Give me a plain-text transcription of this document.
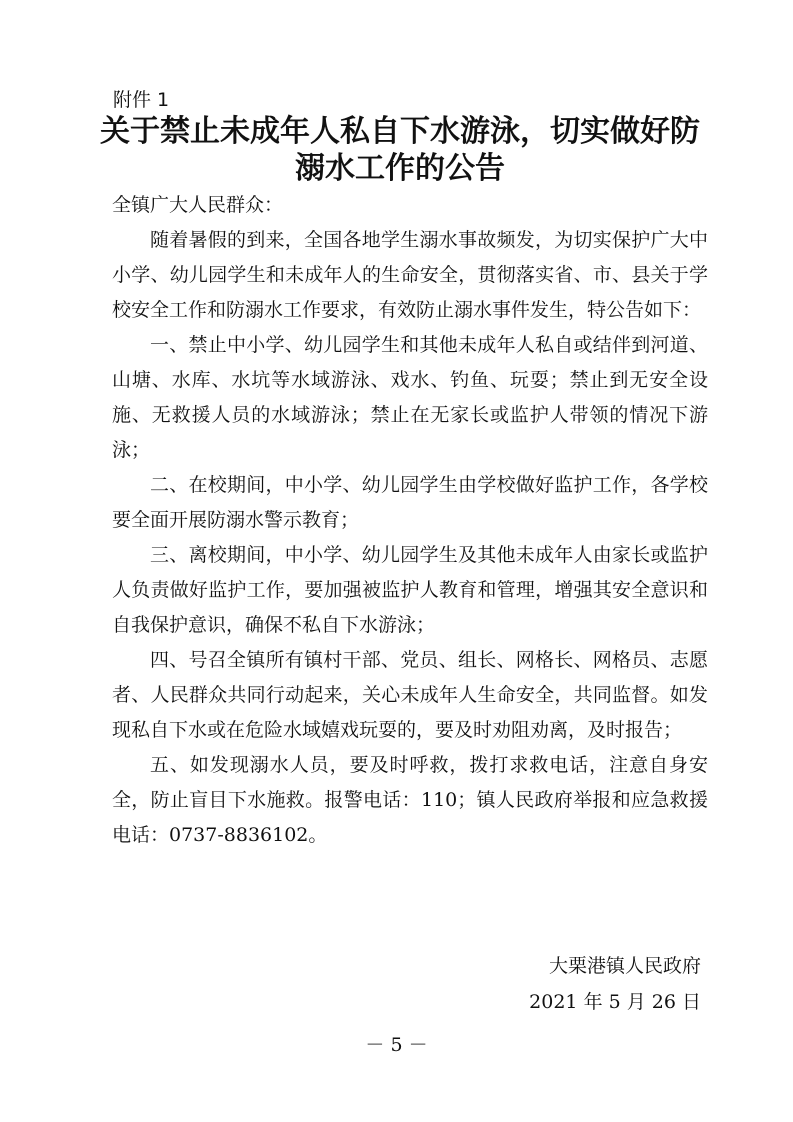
附件 1

关于禁止未成年人私自下水游泳，切实做好防
溺水工作的公告

全镇广大人民群众：

随着暑假的到来，全国各地学生溺水事故频发，为切实保护广大中小学、幼儿园学生和未成年人的生命安全，贯彻落实省、市、县关于学校安全工作和防溺水工作要求，有效防止溺水事件发生，特公告如下：

一、禁止中小学、幼儿园学生和其他未成年人私自或结伴到河道、山塘、水库、水坑等水域游泳、戏水、钓鱼、玩耍；禁止到无安全设施、无救援人员的水域游泳；禁止在无家长或监护人带领的情况下游泳；

二、在校期间，中小学、幼儿园学生由学校做好监护工作，各学校要全面开展防溺水警示教育；

三、离校期间，中小学、幼儿园学生及其他未成年人由家长或监护人负责做好监护工作，要加强被监护人教育和管理，增强其安全意识和自我保护意识，确保不私自下水游泳；

四、号召全镇所有镇村干部、党员、组长、网格长、网格员、志愿者、人民群众共同行动起来，关心未成年人生命安全，共同监督。如发现私自下水或在危险水域嬉戏玩耍的，要及时劝阻劝离，及时报告；

五、如发现溺水人员，要及时呼救，拨打求救电话，注意自身安全，防止盲目下水施救。报警电话：110；镇人民政府举报和应急救援电话：0737-8836102。

大栗港镇人民政府

2021 年 5 月 26 日

－ 5 －
